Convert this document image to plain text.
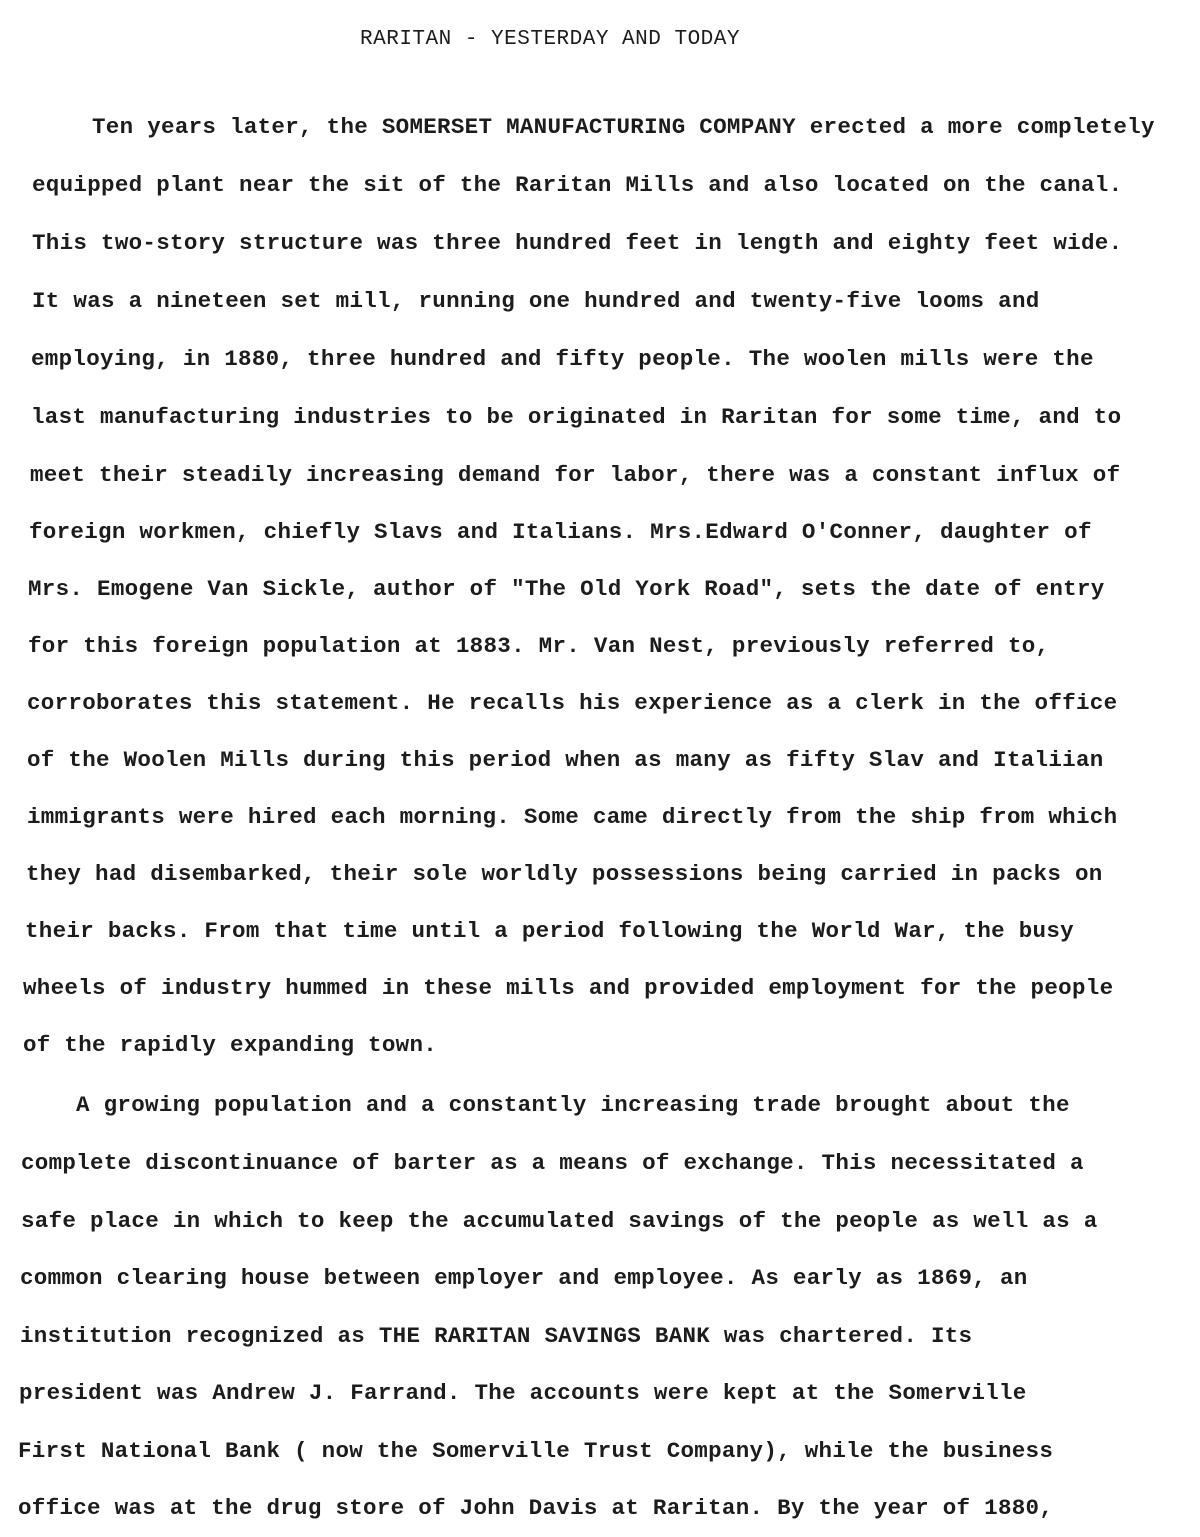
RARITAN - YESTERDAY AND TODAY
Ten years later, the SOMERSET MANUFACTURING COMPANY erected a more completely
equipped plant near the sit of the Raritan Mills and also located on the canal.
This two-story structure was three hundred feet in length and eighty feet wide.
It was a nineteen set mill, running one hundred and twenty-five looms and
employing, in 1880, three hundred and fifty people. The woolen mills were the
last manufacturing industries to be originated in Raritan for some time, and to
meet their steadily increasing demand for labor, there was a constant influx of
foreign workmen, chiefly Slavs and Italians. Mrs.Edward O'Conner, daughter of
Mrs. Emogene Van Sickle, author of "The Old York Road", sets the date of entry
for this foreign population at 1883. Mr. Van Nest, previously referred to,
corroborates this statement. He recalls his experience as a clerk in the office
of the Woolen Mills during this period when as many as fifty Slav and Italiian
immigrants were hired each morning. Some came directly from the ship from which
they had disembarked, their sole worldly possessions being carried in packs on
their backs. From that time until a period following the World War, the busy
wheels of industry hummed in these mills and provided employment for the people
of the rapidly expanding town.
A growing population and a constantly increasing trade brought about the
complete discontinuance of barter as a means of exchange. This necessitated a
safe place in which to keep the accumulated savings of the people as well as a
common clearing house between employer and employee. As early as 1869, an
institution recognized as THE RARITAN SAVINGS BANK was chartered. Its
president was Andrew J. Farrand. The accounts were kept at the Somerville
First National Bank ( now the Somerville Trust Company), while the business
office was at the drug store of John Davis at Raritan. By the year of 1880,
